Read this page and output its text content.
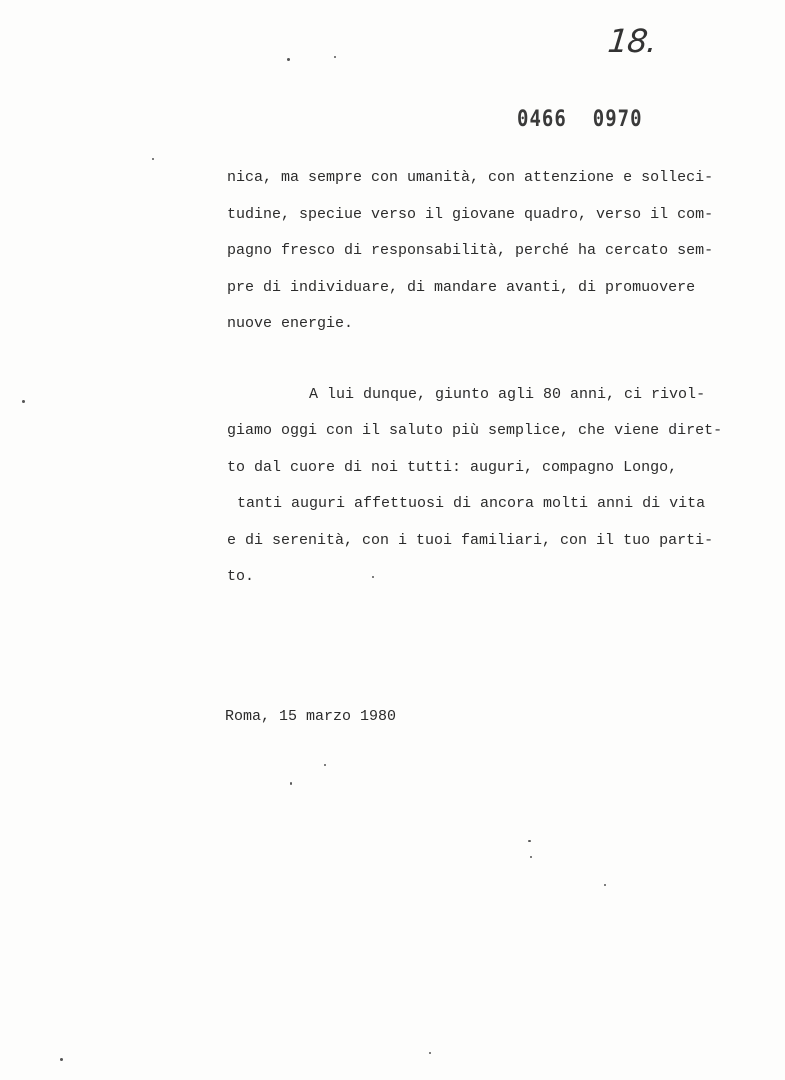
18.
0466 0970
nica, ma sempre con umanità, con attenzione e solleci-
tudine, speciue verso il giovane quadro, verso il com-
pagno fresco di responsabilità, perché ha cercato sem-
pre di individuare, di mandare avanti, di promuovere
nuove energie.
A lui dunque, giunto agli 80 anni, ci rivol-
giamo oggi con il saluto più semplice, che viene diret-
to dal cuore di noi tutti: auguri, compagno Longo,
tanti auguri affettuosi di ancora molti anni di vita
e di serenità, con i tuoi familiari, con il tuo parti-
to.
Roma, 15 marzo 1980
